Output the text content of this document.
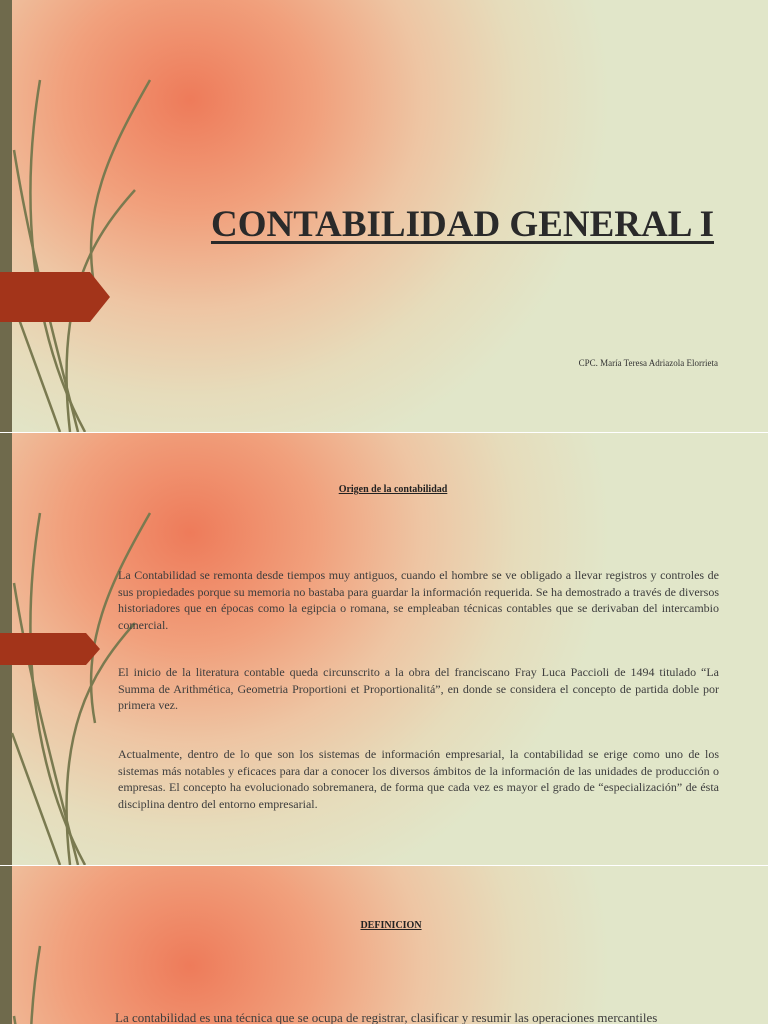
CONTABILIDAD GENERAL I
CPC. María Teresa Adriazola Elorrieta
Origen de la contabilidad

La Contabilidad se remonta desde tiempos muy antiguos, cuando el hombre se ve obligado a llevar registros y controles de sus propiedades porque su memoria no bastaba para guardar la información requerida. Se ha demostrado a través de diversos historiadores que en épocas como la egipcia o romana, se empleaban técnicas contables que se derivaban del intercambio comercial.

El inicio de la literatura contable queda circunscrito a la obra del franciscano Fray Luca Paccioli de 1494 titulado “La Summa de Arithmética, Geometria Proportioni et Proportionalitá”, en donde se considera el concepto de partida doble por primera vez.

Actualmente, dentro de lo que son los sistemas de información empresarial, la contabilidad se erige como uno de los sistemas más notables y eficaces para dar a conocer los diversos ámbitos de la información de las unidades de producción o empresas. El concepto ha evolucionado sobremanera, de forma que cada vez es mayor el grado de “especialización” de ésta disciplina dentro del entorno empresarial.

DEFINICION

La contabilidad es una técnica que se ocupa de registrar, clasificar y resumir las operaciones mercantiles
